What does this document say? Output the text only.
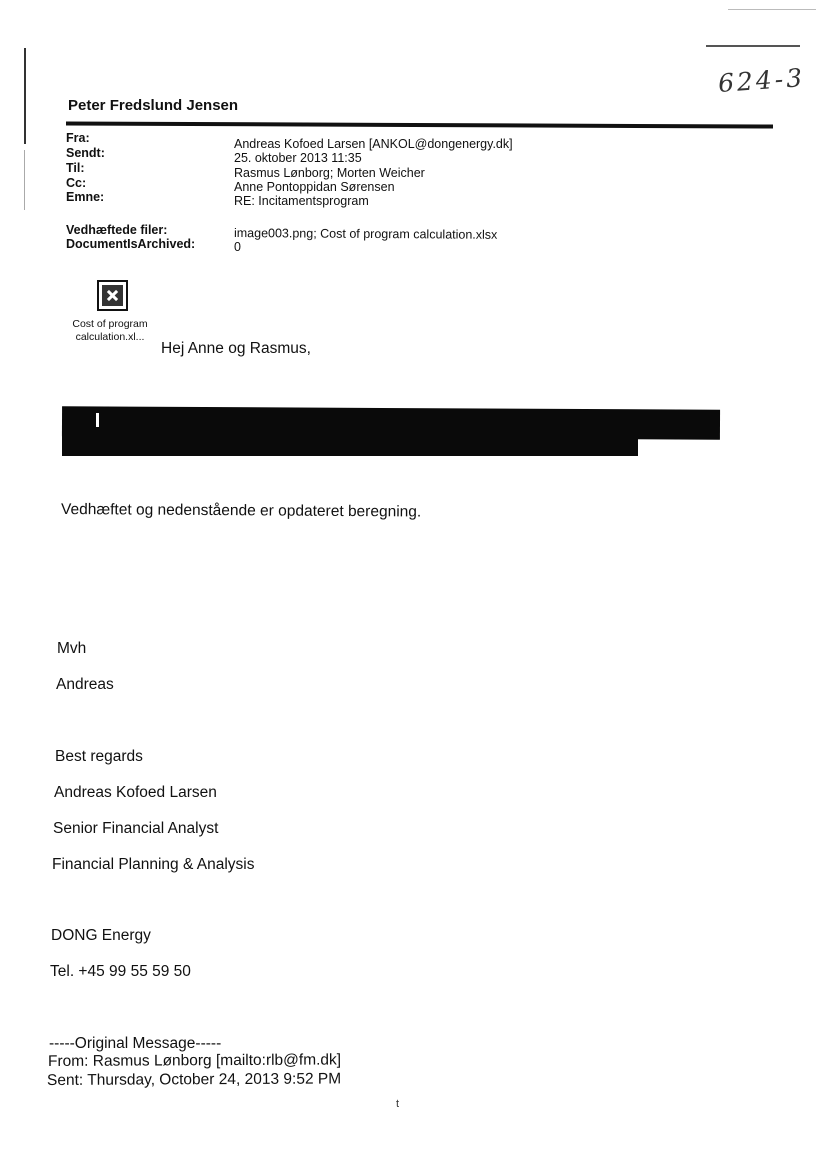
624-3
Peter Fredslund Jensen
Fra:	Andreas Kofoed Larsen [ANKOL@dongenergy.dk]
Sendt:	25. oktober 2013 11:35
Til:	Rasmus Lønborg; Morten Weicher
Cc:	Anne Pontoppidan Sørensen
Emne:	RE: Incitamentsprogram
Vedhæftede filer:	image003.png; Cost of program calculation.xlsx
DocumentIsArchived:	0
Cost of program
calculation.xl...
Hej Anne og Rasmus,
Vedhæftet og nedenstående er opdateret beregning.
Mvh
Andreas
Best regards
Andreas Kofoed Larsen
Senior Financial Analyst
Financial Planning & Analysis
DONG Energy
Tel. +45 99 55 59 50
-----Original Message-----
From: Rasmus Lønborg [mailto:rlb@fm.dk]
Sent: Thursday, October 24, 2013 9:52 PM
t
